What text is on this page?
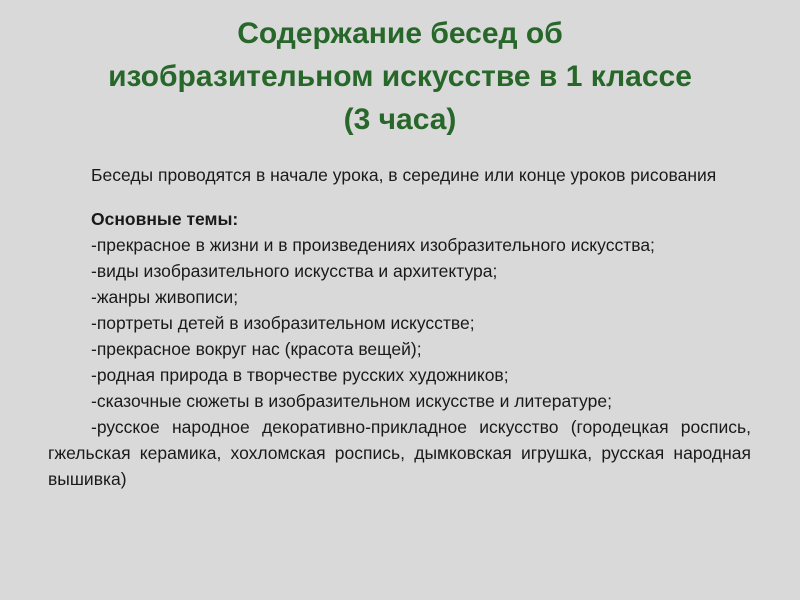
Содержание бесед об
изобразительном искусстве в 1 классе
(3 часа)

Беседы проводятся в начале урока, в середине или конце уроков рисования

Основные темы:

-прекрасное в жизни и в произведениях изобразительного искусства;

-виды изобразительного искусства и архитектура;

-жанры живописи;

-портреты детей в изобразительном искусстве;

-прекрасное вокруг нас (красота вещей);

-родная природа в творчестве русских художников;

-сказочные сюжеты в изобразительном искусстве и литературе;

-русское народное декоративно-прикладное искусство (городецкая роспись, гжельская керамика, хохломская роспись, дымковская игрушка, русская народная вышивка)
